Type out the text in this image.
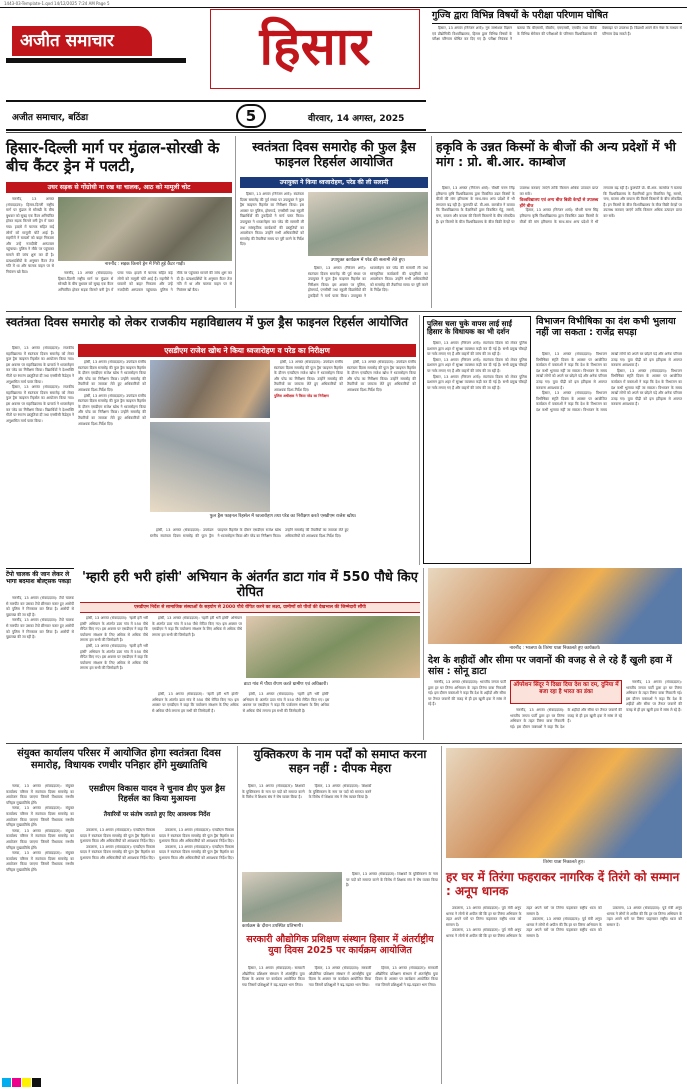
1443-03-Template-1.qxd 14/12/2025 7:24 AM Page 5
अजीत समाचार	हिसार
अजीत समाचार, बठिंडा	5	वीरवार, 14 अगस्त, 2025
गुज्वि द्वारा विभिन्न विषयों के परीक्षा परिणाम घोषित

हिसार, 13 अगस्त (निरंजन शर्मा): गुरु जम्भेश्वर विज्ञान एवं प्रौद्योगिकी विश्वविद्यालय, हिसार द्वारा विभिन्न विषयों के परीक्षा परिणाम घोषित कर दिए गए हैं। परीक्षा नियंत्रक ने बताया कि बीएससी, बीकॉम, एमएससी, एमबीए तथा बीटेक के विभिन्न सेमेस्टर की परीक्षाओं के परिणाम विश्वविद्यालय की वेबसाइट पर उपलब्ध हैं। विद्यार्थी अपने रोल नंबर के माध्यम से परिणाम देख सकते हैं।

हिसार-दिल्ली मार्ग पर मुंढाल-सोरखी के बीच कैंटर ड्रेन में पलटी,
उधर सड़क से गोंग्रोधी ना रख था चालक, आठ को मामूली चोट

नारनौंद, 13 अगस्त (संवाददाता): हिसार-दिल्ली राष्ट्रीय मार्ग पर मुंढाल से सोरखी के बीच बुधवार को सुबह एक कैंटर अनियंत्रित होकर सड़क किनारे बनी ड्रेन में पलट गया। हादसे में चालक सहित कई लोगों को मामूली चोटें आई हैं। राहगीरों ने घायलों को बाहर निकाला और उन्हें नजदीकी अस्पताल पहुंचाया। पुलिस ने मौके पर पहुंचकर मामले की जांच शुरू कर दी है। प्रत्यक्षदर्शियों के अनुसार कैंटर तेज गति में था और चालक वाहन पर से नियंत्रण खो बैठा।

नारनौंद : सड़क किनारे ड्रेन में गिरी हुई कैंटर गाड़ी।

नारनौंद, 13 अगस्त (संवाददाता): हिसार-दिल्ली राष्ट्रीय मार्ग पर मुंढाल से सोरखी के बीच बुधवार को सुबह एक कैंटर अनियंत्रित होकर सड़क किनारे बनी ड्रेन में पलट गया। हादसे में चालक सहित कई लोगों को मामूली चोटें आई हैं। राहगीरों ने घायलों को बाहर निकाला और उन्हें नजदीकी अस्पताल पहुंचाया। पुलिस ने मौके पर पहुंचकर मामले की जांच शुरू कर दी है। प्रत्यक्षदर्शियों के अनुसार कैंटर तेज गति में था और चालक वाहन पर से नियंत्रण खो बैठा।

स्वतंत्रता दिवस समारोह की फुल ड्रैस फाइनल रिहर्सल आयोजित
उपायुक्त ने किया ध्वजारोहण, परेड की ली सलामी

हिसार, 13 अगस्त (निरंजन शर्मा): स्वतंत्रता दिवस समारोह की पूर्व संध्या पर उपायुक्त ने फुल ड्रैस फाइनल रिहर्सल का निरीक्षण किया। इस अवसर पर पुलिस, होमगार्ड, एनसीसी तथा स्कूली विद्यार्थियों की टुकड़ियों ने मार्च पास्ट किया। उपायुक्त ने ध्वजारोहण कर परेड की सलामी ली तथा सांस्कृतिक कार्यक्रमों की प्रस्तुतियों का अवलोकन किया। उन्होंने सभी अधिकारियों को समारोह की तैयारियां समय पर पूरी करने के निर्देश दिए।

उपायुक्त कार्यक्रम में परेड की सलामी लेते हुए।

हिसार, 13 अगस्त (निरंजन शर्मा): स्वतंत्रता दिवस समारोह की पूर्व संध्या पर उपायुक्त ने फुल ड्रैस फाइनल रिहर्सल का निरीक्षण किया। इस अवसर पर पुलिस, होमगार्ड, एनसीसी तथा स्कूली विद्यार्थियों की टुकड़ियों ने मार्च पास्ट किया। उपायुक्त ने ध्वजारोहण कर परेड की सलामी ली तथा सांस्कृतिक कार्यक्रमों की प्रस्तुतियों का अवलोकन किया। उन्होंने सभी अधिकारियों को समारोह की तैयारियां समय पर पूरी करने के निर्देश दिए।

हकृवि के उन्नत किस्मों के बीजों की अन्य प्रदेशों में भी मांग : प्रो. बी.आर. काम्बोज

हिसार, 13 अगस्त (निरंजन शर्मा): चौधरी चरण सिंह हरियाणा कृषि विश्वविद्यालय द्वारा विकसित उन्नत किस्मों के बीजों की मांग हरियाणा के साथ-साथ अन्य प्रदेशों में भी लगातार बढ़ रही है। कुलपति प्रो. बी.आर. काम्बोज ने बताया कि विश्वविद्यालय के वैज्ञानिकों द्वारा विकसित गेहूं, सरसों, चना, बाजरा और कपास की किस्में किसानों के बीच लोकप्रिय हैं। इन किस्मों के बीज विश्वविद्यालय के बीज बिक्री केन्द्रों पर उपलब्ध करवाए जाएंगे ताकि किसान अधिक उत्पादन प्राप्त कर सकें।

विश्वविद्यालय एवं अन्य बीज बिक्री केन्द्रों से उपलब्ध होंगे बीज

हिसार, 13 अगस्त (निरंजन शर्मा): चौधरी चरण सिंह हरियाणा कृषि विश्वविद्यालय द्वारा विकसित उन्नत किस्मों के बीजों की मांग हरियाणा के साथ-साथ अन्य प्रदेशों में भी लगातार बढ़ रही है। कुलपति प्रो. बी.आर. काम्बोज ने बताया कि विश्वविद्यालय के वैज्ञानिकों द्वारा विकसित गेहूं, सरसों, चना, बाजरा और कपास की किस्में किसानों के बीच लोकप्रिय हैं। इन किस्मों के बीज विश्वविद्यालय के बीज बिक्री केन्द्रों पर उपलब्ध करवाए जाएंगे ताकि किसान अधिक उत्पादन प्राप्त कर सकें।

स्वतंत्रता दिवस समारोह को लेकर राजकीय महाविद्यालय में फुल ड्रैस फाइनल रिहर्सल आयोजित

हिसार, 13 अगस्त (संवाददाता): राजकीय महाविद्यालय में स्वतंत्रता दिवस समारोह को लेकर फुल ड्रैस फाइनल रिहर्सल का आयोजन किया गया। इस अवसर पर महाविद्यालय के प्राचार्य ने ध्वजारोहण कर परेड का निरीक्षण किया। विद्यार्थियों ने देशभक्ति गीतों पर रंगारंग प्रस्तुतियां दीं तथा एनसीसी कैडेट्स ने अनुशासित मार्च पास्ट किया।

हिसार, 13 अगस्त (संवाददाता): राजकीय महाविद्यालय में स्वतंत्रता दिवस समारोह को लेकर फुल ड्रैस फाइनल रिहर्सल का आयोजन किया गया। इस अवसर पर महाविद्यालय के प्राचार्य ने ध्वजारोहण कर परेड का निरीक्षण किया। विद्यार्थियों ने देशभक्ति गीतों पर रंगारंग प्रस्तुतियां दीं तथा एनसीसी कैडेट्स ने अनुशासित मार्च पास्ट किया।

एसडीएम राजेश खोथ ने किया ध्वजारोहण व परेड का निरीक्षण

हांसी, 13 अगस्त (संवाददाता): उपमंडल स्तरीय स्वतंत्रता दिवस समारोह की फुल ड्रैस फाइनल रिहर्सल के दौरान एसडीएम राजेश खोथ ने ध्वजारोहण किया और परेड का निरीक्षण किया। उन्होंने समारोह की तैयारियों का जायजा लेते हुए अधिकारियों को आवश्यक दिशा-निर्देश दिए।

हांसी, 13 अगस्त (संवाददाता): उपमंडल स्तरीय स्वतंत्रता दिवस समारोह की फुल ड्रैस फाइनल रिहर्सल के दौरान एसडीएम राजेश खोथ ने ध्वजारोहण किया और परेड का निरीक्षण किया। उन्होंने समारोह की तैयारियों का जायजा लेते हुए अधिकारियों को आवश्यक दिशा-निर्देश दिए।

हांसी, 13 अगस्त (संवाददाता): उपमंडल स्तरीय स्वतंत्रता दिवस समारोह की फुल ड्रैस फाइनल रिहर्सल के दौरान एसडीएम राजेश खोथ ने ध्वजारोहण किया और परेड का निरीक्षण किया। उन्होंने समारोह की तैयारियों का जायजा लेते हुए अधिकारियों को आवश्यक दिशा-निर्देश दिए।

पुलिस अधीक्षक ने किया परेड का निरीक्षण

हांसी, 13 अगस्त (संवाददाता): उपमंडल स्तरीय स्वतंत्रता दिवस समारोह की फुल ड्रैस फाइनल रिहर्सल के दौरान एसडीएम राजेश खोथ ने ध्वजारोहण किया और परेड का निरीक्षण किया। उन्होंने समारोह की तैयारियों का जायजा लेते हुए अधिकारियों को आवश्यक दिशा-निर्देश दिए।

फुल ड्रैस फाइनल रिहर्सल में ध्वजारोहण तथा परेड का निरीक्षण करते एसडीएम राजेश खोथ।

हांसी, 13 अगस्त (संवाददाता): उपमंडल स्तरीय स्वतंत्रता दिवस समारोह की फुल ड्रैस फाइनल रिहर्सल के दौरान एसडीएम राजेश खोथ ने ध्वजारोहण किया और परेड का निरीक्षण किया। उन्होंने समारोह की तैयारियों का जायजा लेते हुए अधिकारियों को आवश्यक दिशा-निर्देश दिए।

पुलिस चला चुके वापस लाई साईं हिसार के विधायक का भी दर्शन

हिसार, 13 अगस्त (निरंजन शर्मा): स्वतंत्रता दिवस को लेकर पुलिस प्रशासन द्वारा शहर में सुरक्षा व्यवस्था कड़ी कर दी गई है। सभी प्रमुख चौराहों पर नाके लगाए गए हैं और वाहनों की जांच की जा रही है।

हिसार, 13 अगस्त (निरंजन शर्मा): स्वतंत्रता दिवस को लेकर पुलिस प्रशासन द्वारा शहर में सुरक्षा व्यवस्था कड़ी कर दी गई है। सभी प्रमुख चौराहों पर नाके लगाए गए हैं और वाहनों की जांच की जा रही है।

हिसार, 13 अगस्त (निरंजन शर्मा): स्वतंत्रता दिवस को लेकर पुलिस प्रशासन द्वारा शहर में सुरक्षा व्यवस्था कड़ी कर दी गई है। सभी प्रमुख चौराहों पर नाके लगाए गए हैं और वाहनों की जांच की जा रही है।

विभाजन विभीषिका का दंश कभी भुलाया नहीं जा सकता : राजेंद्र सपड़ा

हिसार, 13 अगस्त (संवाददाता): विभाजन विभीषिका स्मृति दिवस के अवसर पर आयोजित कार्यक्रम में वक्ताओं ने कहा कि देश के विभाजन का दंश कभी भुलाया नहीं जा सकता। विभाजन के समय लाखों लोगों को अपने घर छोड़ने पड़े और अनेक परिवार उजड़ गए। युवा पीढ़ी को इस इतिहास से अवगत करवाना आवश्यक है।

हिसार, 13 अगस्त (संवाददाता): विभाजन विभीषिका स्मृति दिवस के अवसर पर आयोजित कार्यक्रम में वक्ताओं ने कहा कि देश के विभाजन का दंश कभी भुलाया नहीं जा सकता। विभाजन के समय लाखों लोगों को अपने घर छोड़ने पड़े और अनेक परिवार उजड़ गए। युवा पीढ़ी को इस इतिहास से अवगत करवाना आवश्यक है।

हिसार, 13 अगस्त (संवाददाता): विभाजन विभीषिका स्मृति दिवस के अवसर पर आयोजित कार्यक्रम में वक्ताओं ने कहा कि देश के विभाजन का दंश कभी भुलाया नहीं जा सकता। विभाजन के समय लाखों लोगों को अपने घर छोड़ने पड़े और अनेक परिवार उजड़ गए। युवा पीढ़ी को इस इतिहास से अवगत करवाना आवश्यक है।

टेंपो चालक की जान लेकर ले भागा बदमाश बोल्ट्सक पकड़ा

नारनौंद, 13 अगस्त (संवाददाता): टेंपो चालक से मारपीट कर उसका टेंपो छीनकर फरार हुए आरोपी को पुलिस ने गिरफ्तार कर लिया है। आरोपी से पूछताछ की जा रही है।

नारनौंद, 13 अगस्त (संवाददाता): टेंपो चालक से मारपीट कर उसका टेंपो छीनकर फरार हुए आरोपी को पुलिस ने गिरफ्तार कर लिया है। आरोपी से पूछताछ की जा रही है।

'म्हारी हरी भरी हांसी' अभियान के अंतर्गत डाटा गांव में 550 पौधे किए रोपित
एसडीएम निर्देश से सामाजिक संस्थाओं के सहयोग से 2000 पौधे रोपित करने का लक्ष्य, ग्रामीणों को पौधों की देखभाल की जिम्मेदारी सौंपी

हांसी, 13 अगस्त (संवाददाता): 'म्हारी हरी भरी हांसी' अभियान के अंतर्गत डाटा गांव में 550 पौधे रोपित किए गए। इस अवसर पर एसडीएम ने कहा कि पर्यावरण संरक्षण के लिए अधिक से अधिक पौधे लगाना हम सभी की जिम्मेदारी है।

हांसी, 13 अगस्त (संवाददाता): 'म्हारी हरी भरी हांसी' अभियान के अंतर्गत डाटा गांव में 550 पौधे रोपित किए गए। इस अवसर पर एसडीएम ने कहा कि पर्यावरण संरक्षण के लिए अधिक से अधिक पौधे लगाना हम सभी की जिम्मेदारी है।

हांसी, 13 अगस्त (संवाददाता): 'म्हारी हरी भरी हांसी' अभियान के अंतर्गत डाटा गांव में 550 पौधे रोपित किए गए। इस अवसर पर एसडीएम ने कहा कि पर्यावरण संरक्षण के लिए अधिक से अधिक पौधे लगाना हम सभी की जिम्मेदारी है।

डाटा गांव में पौधा रोपण करते ग्रामीण एवं अधिकारी।

हांसी, 13 अगस्त (संवाददाता): 'म्हारी हरी भरी हांसी' अभियान के अंतर्गत डाटा गांव में 550 पौधे रोपित किए गए। इस अवसर पर एसडीएम ने कहा कि पर्यावरण संरक्षण के लिए अधिक से अधिक पौधे लगाना हम सभी की जिम्मेदारी है।

हांसी, 13 अगस्त (संवाददाता): 'म्हारी हरी भरी हांसी' अभियान के अंतर्गत डाटा गांव में 550 पौधे रोपित किए गए। इस अवसर पर एसडीएम ने कहा कि पर्यावरण संरक्षण के लिए अधिक से अधिक पौधे लगाना हम सभी की जिम्मेदारी है।

नारनौंद : भाजपा के तिरंगा यात्रा निकालते हुए कार्यकर्ता।
देश के शहीदों और सीमा पर जवानों की वजह से ले रहे हैं खुली हवा में सांस : सोनू डाटा

नारनौंद, 13 अगस्त (संवाददाता): भारतीय जनता पार्टी द्वारा हर घर तिरंगा अभियान के तहत तिरंगा यात्रा निकाली गई। इस दौरान वक्ताओं ने कहा कि देश के शहीदों और सीमा पर तैनात जवानों की वजह से ही हम खुली हवा में सांस ले रहे हैं।

ऑपरेशन सिंदूर ने दिखा दिया देश का दम, दुनिया में बजा रहा है भारत का डंका

नारनौंद, 13 अगस्त (संवाददाता): भारतीय जनता पार्टी द्वारा हर घर तिरंगा अभियान के तहत तिरंगा यात्रा निकाली गई। इस दौरान वक्ताओं ने कहा कि देश के शहीदों और सीमा पर तैनात जवानों की वजह से ही हम खुली हवा में सांस ले रहे हैं।

नारनौंद, 13 अगस्त (संवाददाता): भारतीय जनता पार्टी द्वारा हर घर तिरंगा अभियान के तहत तिरंगा यात्रा निकाली गई। इस दौरान वक्ताओं ने कहा कि देश के शहीदों और सीमा पर तैनात जवानों की वजह से ही हम खुली हवा में सांस ले रहे हैं।

संयुक्त कार्यालय परिसर में आयोजित होगा स्वतंत्रता दिवस समारोह, विधायक रणधीर पनिहार होंगे मुख्यातिथि

नलवा, 13 अगस्त (संवाददाता): संयुक्त कार्यालय परिसर में स्वतंत्रता दिवस समारोह का आयोजन किया जाएगा जिसमें विधायक रणधीर पनिहार मुख्यातिथि होंगे।

नलवा, 13 अगस्त (संवाददाता): संयुक्त कार्यालय परिसर में स्वतंत्रता दिवस समारोह का आयोजन किया जाएगा जिसमें विधायक रणधीर पनिहार मुख्यातिथि होंगे।

नलवा, 13 अगस्त (संवाददाता): संयुक्त कार्यालय परिसर में स्वतंत्रता दिवस समारोह का आयोजन किया जाएगा जिसमें विधायक रणधीर पनिहार मुख्यातिथि होंगे।

नलवा, 13 अगस्त (संवाददाता): संयुक्त कार्यालय परिसर में स्वतंत्रता दिवस समारोह का आयोजन किया जाएगा जिसमें विधायक रणधीर पनिहार मुख्यातिथि होंगे।

एसडीएम विकास यादव ने चुनाव डीए फुल ड्रैस रिहर्सल का किया मुआयना
तैयारियों पर संतोष जताते हुए दिए आवश्यक निर्देश

उकलाना, 13 अगस्त (संवाददाता): एसडीएम विकास यादव ने स्वतंत्रता दिवस समारोह की फुल ड्रैस रिहर्सल का मुआयना किया और अधिकारियों को आवश्यक निर्देश दिए।

उकलाना, 13 अगस्त (संवाददाता): एसडीएम विकास यादव ने स्वतंत्रता दिवस समारोह की फुल ड्रैस रिहर्सल का मुआयना किया और अधिकारियों को आवश्यक निर्देश दिए।

उकलाना, 13 अगस्त (संवाददाता): एसडीएम विकास यादव ने स्वतंत्रता दिवस समारोह की फुल ड्रैस रिहर्सल का मुआयना किया और अधिकारियों को आवश्यक निर्देश दिए।

उकलाना, 13 अगस्त (संवाददाता): एसडीएम विकास यादव ने स्वतंत्रता दिवस समारोह की फुल ड्रैस रिहर्सल का मुआयना किया और अधिकारियों को आवश्यक निर्देश दिए।

युक्तिकरण के नाम पर्दों को समाप्त करना सहन नहीं : दीपक मेहरा

हिसार, 13 अगस्त (संवाददाता): शिक्षकों के युक्तिकरण के नाम पर पदों को समाप्त करने के विरोध में शिक्षक संघ ने रोष व्यक्त किया है।

हिसार, 13 अगस्त (संवाददाता): शिक्षकों के युक्तिकरण के नाम पर पदों को समाप्त करने के विरोध में शिक्षक संघ ने रोष व्यक्त किया है।

कार्यक्रम के दौरान उपस्थित प्रतिभागी।

हिसार, 13 अगस्त (संवाददाता): शिक्षकों के युक्तिकरण के नाम पर पदों को समाप्त करने के विरोध में शिक्षक संघ ने रोष व्यक्त किया है।

सरकारी औद्योगिक प्रशिक्षण संस्थान हिसार में अंतर्राष्ट्रीय युवा दिवस 2025 पर कार्यक्रम आयोजित

हिसार, 13 अगस्त (संवाददाता): सरकारी औद्योगिक प्रशिक्षण संस्थान में अंतर्राष्ट्रीय युवा दिवस के अवसर पर कार्यक्रम आयोजित किया गया जिसमें प्रशिक्षुओं ने बढ़-चढ़कर भाग लिया।

हिसार, 13 अगस्त (संवाददाता): सरकारी औद्योगिक प्रशिक्षण संस्थान में अंतर्राष्ट्रीय युवा दिवस के अवसर पर कार्यक्रम आयोजित किया गया जिसमें प्रशिक्षुओं ने बढ़-चढ़कर भाग लिया।

हिसार, 13 अगस्त (संवाददाता): सरकारी औद्योगिक प्रशिक्षण संस्थान में अंतर्राष्ट्रीय युवा दिवस के अवसर पर कार्यक्रम आयोजित किया गया जिसमें प्रशिक्षुओं ने बढ़-चढ़कर भाग लिया।

तिरंगा यात्रा निकालते हुए।
हर घर में तिरंगा फहराकर नागरिक दें तिरंगे को सम्मान : अनूप धानक

उकलाना, 13 अगस्त (संवाददाता): पूर्व मंत्री अनूप धानक ने लोगों से अपील की कि हर घर तिरंगा अभियान के तहत अपने घरों पर तिरंगा फहराकर राष्ट्रीय ध्वज को सम्मान दें।

उकलाना, 13 अगस्त (संवाददाता): पूर्व मंत्री अनूप धानक ने लोगों से अपील की कि हर घर तिरंगा अभियान के तहत अपने घरों पर तिरंगा फहराकर राष्ट्रीय ध्वज को सम्मान दें।

उकलाना, 13 अगस्त (संवाददाता): पूर्व मंत्री अनूप धानक ने लोगों से अपील की कि हर घर तिरंगा अभियान के तहत अपने घरों पर तिरंगा फहराकर राष्ट्रीय ध्वज को सम्मान दें।

उकलाना, 13 अगस्त (संवाददाता): पूर्व मंत्री अनूप धानक ने लोगों से अपील की कि हर घर तिरंगा अभियान के तहत अपने घरों पर तिरंगा फहराकर राष्ट्रीय ध्वज को सम्मान दें।
